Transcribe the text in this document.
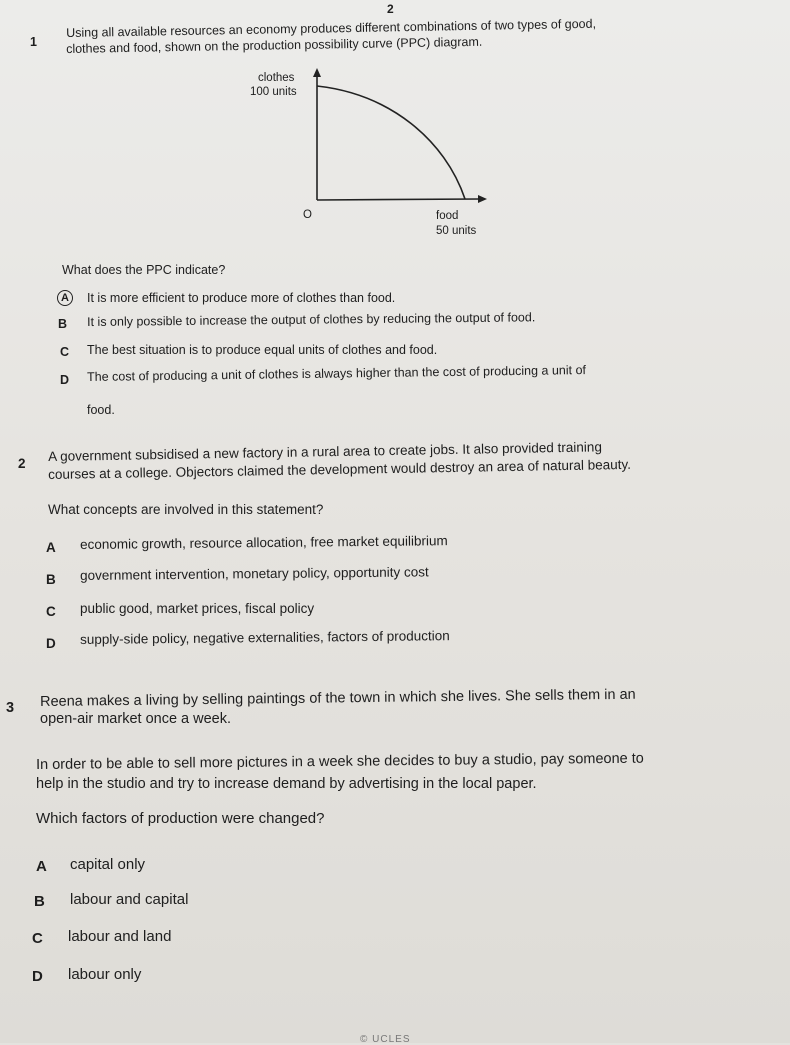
2
1
Using all available resources an economy produces different combinations of two types of good,
clothes and food, shown on the production possibility curve (PPC) diagram.
clothes
100 units
O	food
50 units
What does the PPC indicate?
A	It is more efficient to produce more of clothes than food.
B It is only possible to increase the output of clothes by reducing the output of food.
C The best situation is to produce equal units of clothes and food.
D The cost of producing a unit of clothes is always higher than the cost of producing a unit of
food.
2 A government subsidised a new factory in a rural area to create jobs. It also provided training
courses at a college. Objectors claimed the development would destroy an area of natural beauty.
What concepts are involved in this statement?
A economic growth, resource allocation, free market equilibrium
B government intervention, monetary policy, opportunity cost
C public good, market prices, fiscal policy
D supply-side policy, negative externalities, factors of production
3 Reena makes a living by selling paintings of the town in which she lives. She sells them in an
open-air market once a week.
In order to be able to sell more pictures in a week she decides to buy a studio, pay someone to
help in the studio and try to increase demand by advertising in the local paper.
Which factors of production were changed?
A capital only
B labour and capital
C labour and land
D labour only
© UCLES
